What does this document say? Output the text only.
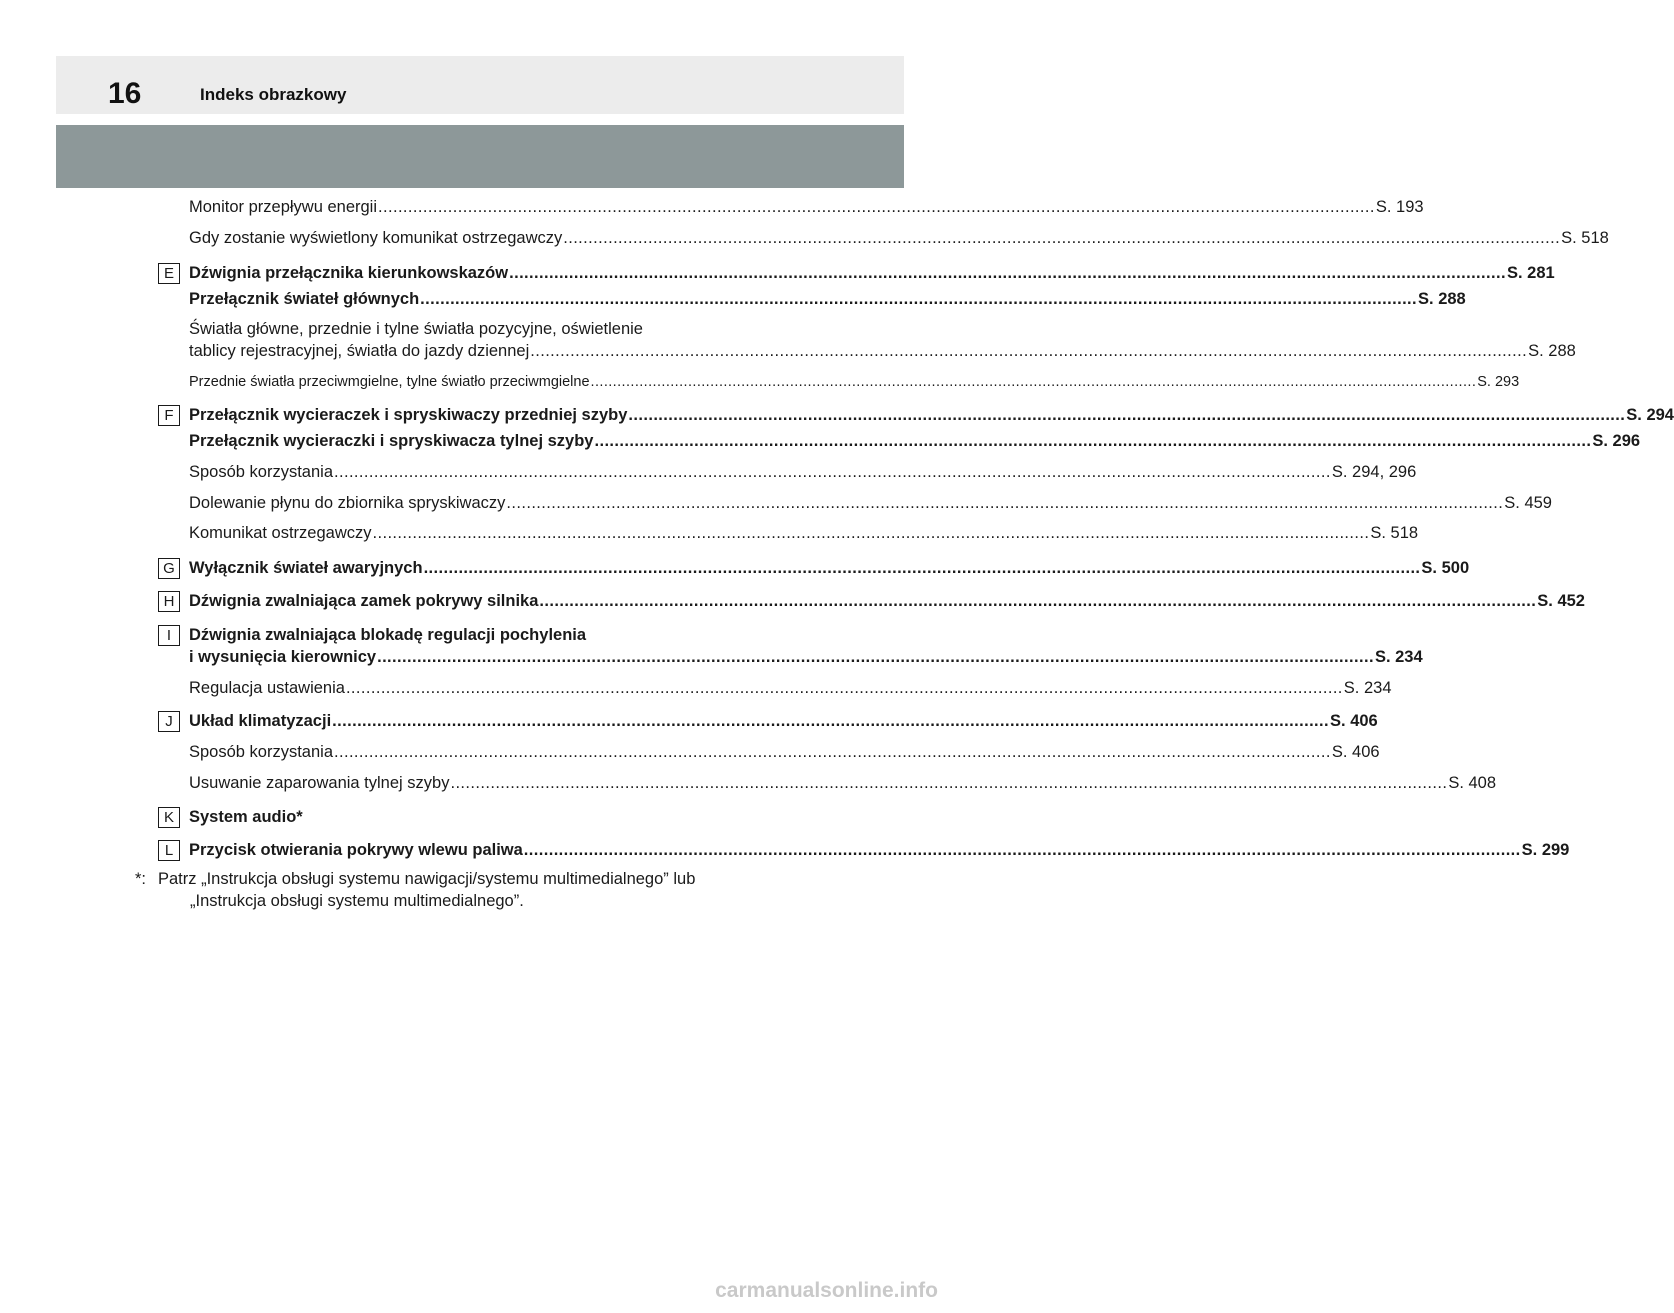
16	Indeks obrazkowy
Monitor przepływu energii ........................................................................................................................................................................................................ S. 193
Gdy zostanie wyświetlony komunikat ostrzegawczy ........................................................................................................................................................................................................ S. 518
E Dźwignia przełącznika kierunkowskazów ........................................................................................................................................................................................................ S. 281
Przełącznik świateł głównych ........................................................................................................................................................................................................ S. 288
Światła główne, przednie i tylne światła pozycyjne, oświetlenie
tablicy rejestracyjnej, światła do jazdy dziennej ........................................................................................................................................................................................................ S. 288
Przednie światła przeciwmgielne, tylne światło przeciwmgielne ........................................................................................................................................................................................................ S. 293
F Przełącznik wycieraczek i spryskiwaczy przedniej szyby ........................................................................................................................................................................................................ S. 294
Przełącznik wycieraczki i spryskiwacza tylnej szyby ........................................................................................................................................................................................................ S. 296
Sposób korzystania ........................................................................................................................................................................................................ S. 294, 296
Dolewanie płynu do zbiornika spryskiwaczy ........................................................................................................................................................................................................ S. 459
Komunikat ostrzegawczy ........................................................................................................................................................................................................ S. 518
G Wyłącznik świateł awaryjnych ........................................................................................................................................................................................................ S. 500
H Dźwignia zwalniająca zamek pokrywy silnika ........................................................................................................................................................................................................ S. 452
I	Dźwignia zwalniająca blokadę regulacji pochylenia
i wysunięcia kierownicy ........................................................................................................................................................................................................ S. 234
Regulacja ustawienia ........................................................................................................................................................................................................ S. 234
J Układ klimatyzacji ........................................................................................................................................................................................................ S. 406
Sposób korzystania ........................................................................................................................................................................................................ S. 406
Usuwanie zaparowania tylnej szyby ........................................................................................................................................................................................................ S. 408
K System audio*
L Przycisk otwierania pokrywy wlewu paliwa ........................................................................................................................................................................................................ S. 299
*: Patrz „Instrukcja obsługi systemu nawigacji/systemu multimedialnego” lub
„Instrukcja obsługi systemu multimedialnego”.
carmanualsonline.info
